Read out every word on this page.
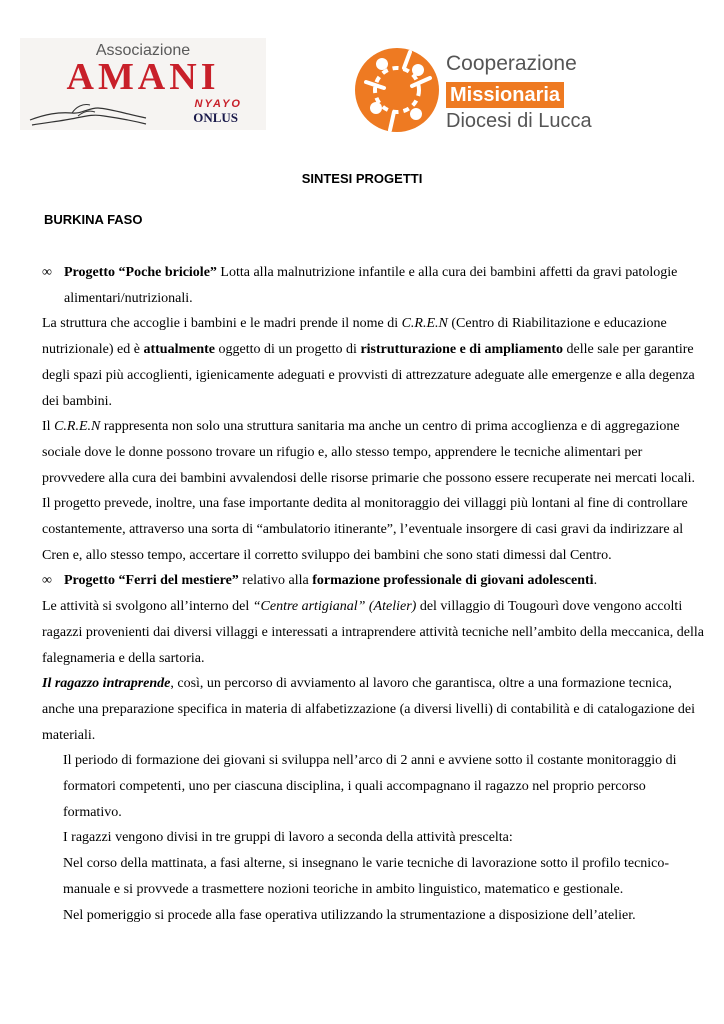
Associazione
AMANI
NYAYO
ONLUS
Cooperazione
Missionaria
Diocesi di Lucca
SINTESI PROGETTI
BURKINA FASO

∞ Progetto “Poche briciole” Lotta alla malnutrizione infantile e alla cura dei bambini affetti da gravi patologie alimentari/nutrizionali.

La struttura che accoglie i bambini e le madri prende il nome di C.R.E.N (Centro di Riabilitazione e educazione nutrizionale) ed è attualmente oggetto di un progetto di ristrutturazione e di ampliamento delle sale per garantire degli spazi più accoglienti, igienicamente adeguati e provvisti di attrezzature adeguate alle emergenze e alla degenza dei bambini.

Il C.R.E.N rappresenta non solo una struttura sanitaria ma anche un centro di prima accoglienza e di aggregazione sociale dove le donne possono trovare un rifugio e, allo stesso tempo, apprendere le tecniche alimentari per provvedere alla cura dei bambini avvalendosi delle risorse primarie che possono essere recuperate nei mercati locali. Il progetto prevede, inoltre, una fase importante dedita al monitoraggio dei villaggi più lontani al fine di controllare costantemente, attraverso una sorta di “ambulatorio itinerante”, l’eventuale insorgere di casi gravi da indirizzare al Cren e, allo stesso tempo, accertare il corretto sviluppo dei bambini che sono stati dimessi dal Centro.

∞ Progetto “Ferri del mestiere” relativo alla formazione professionale di giovani adolescenti.

Le attività si svolgono all’interno del “Centre artigianal” (Atelier) del villaggio di Tougourì dove vengono accolti ragazzi provenienti dai diversi villaggi e interessati a intraprendere attività tecniche nell’ambito della meccanica, della falegnameria e della sartoria.

Il ragazzo intraprende, così, un percorso di avviamento al lavoro che garantisca, oltre a una formazione tecnica, anche una preparazione specifica in materia di alfabetizzazione (a diversi livelli) di contabilità e di catalogazione dei materiali.

Il periodo di formazione dei giovani si sviluppa nell’arco di 2 anni e avviene sotto il costante monitoraggio di formatori competenti, uno per ciascuna disciplina, i quali accompagnano il ragazzo nel proprio percorso formativo.

I ragazzi vengono divisi in tre gruppi di lavoro a seconda della attività prescelta:

Nel corso della mattinata, a fasi alterne, si insegnano le varie tecniche di lavorazione sotto il profilo tecnico-manuale e si provvede a trasmettere nozioni teoriche in ambito linguistico, matematico e gestionale.

Nel pomeriggio si procede alla fase operativa utilizzando la strumentazione a disposizione dell’atelier.
